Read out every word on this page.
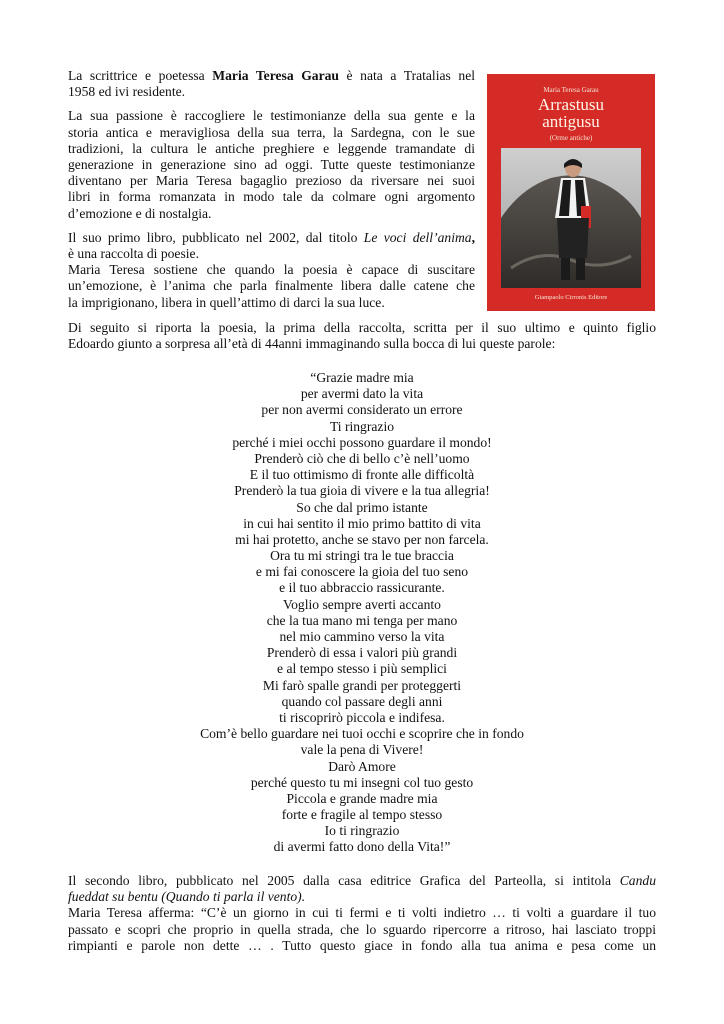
La scrittrice e poetessa Maria Teresa Garau è nata a Tratalias nel
1958 ed ivi residente.

La sua passione è raccogliere le testimonianze della sua gente e la
storia antica e meravigliosa della sua terra, la Sardegna, con le sue
tradizioni, la cultura le antiche preghiere e leggende tramandate di
generazione in generazione sino ad oggi. Tutte queste testimonianze
diventano per Maria Teresa bagaglio prezioso da riversare nei suoi
libri in forma romanzata in modo tale da colmare ogni argomento
d’emozione e di nostalgia.

Il suo primo libro, pubblicato nel 2002, dal titolo Le voci dell’anima,
è una raccolta di poesie.

Maria Teresa sostiene che quando la poesia è capace di suscitare
un’emozione, è l’anima che parla finalmente libera dalle catene che
la imprigionano, libera in quell’attimo di darci la sua luce.

Maria Teresa Garau
Arrastusu
antigusu
(Orme antiche)
Giampaolo Cirronis Editore
Di seguito si riporta la poesia, la prima della raccolta, scritta per il suo ultimo e quinto figlio
Edoardo giunto a sorpresa all’età di 44anni immaginando sulla bocca di lui queste parole:
“Grazie madre mia
per avermi dato la vita
per non avermi considerato un errore
Ti ringrazio
perché i miei occhi possono guardare il mondo!
Prenderò ciò che di bello c’è nell’uomo
E il tuo ottimismo di fronte alle difficoltà
Prenderò la tua gioia di vivere e la tua allegria!
So che dal primo istante
in cui hai sentito il mio primo battito di vita
mi hai protetto, anche se stavo per non farcela.
Ora tu mi stringi tra le tue braccia
e mi fai conoscere la gioia del tuo seno
e il tuo abbraccio rassicurante.
Voglio sempre averti accanto
che la tua mano mi tenga per mano
nel mio cammino verso la vita
Prenderò di essa i valori più grandi
e al tempo stesso i più semplici
Mi farò spalle grandi per proteggerti
quando col passare degli anni
ti riscoprirò piccola e indifesa.
Com’è bello guardare nei tuoi occhi e scoprire che in fondo
vale la pena di Vivere!
Darò Amore
perché questo tu mi insegni col tuo gesto
Piccola e grande madre mia
forte e fragile al tempo stesso
Io ti ringrazio
di avermi fatto dono della Vita!”

Il secondo libro, pubblicato nel 2005 dalla casa editrice Grafica del Parteolla, si intitola Candu
fueddat su bentu (Quando ti parla il vento).

Maria Teresa afferma: “C’è un giorno in cui ti fermi e ti volti indietro … ti volti a guardare il tuo
passato e scopri che proprio in quella strada, che lo sguardo ripercorre a ritroso, hai lasciato troppi
rimpianti e parole non dette … . Tutto questo giace in fondo alla tua anima e pesa come un
